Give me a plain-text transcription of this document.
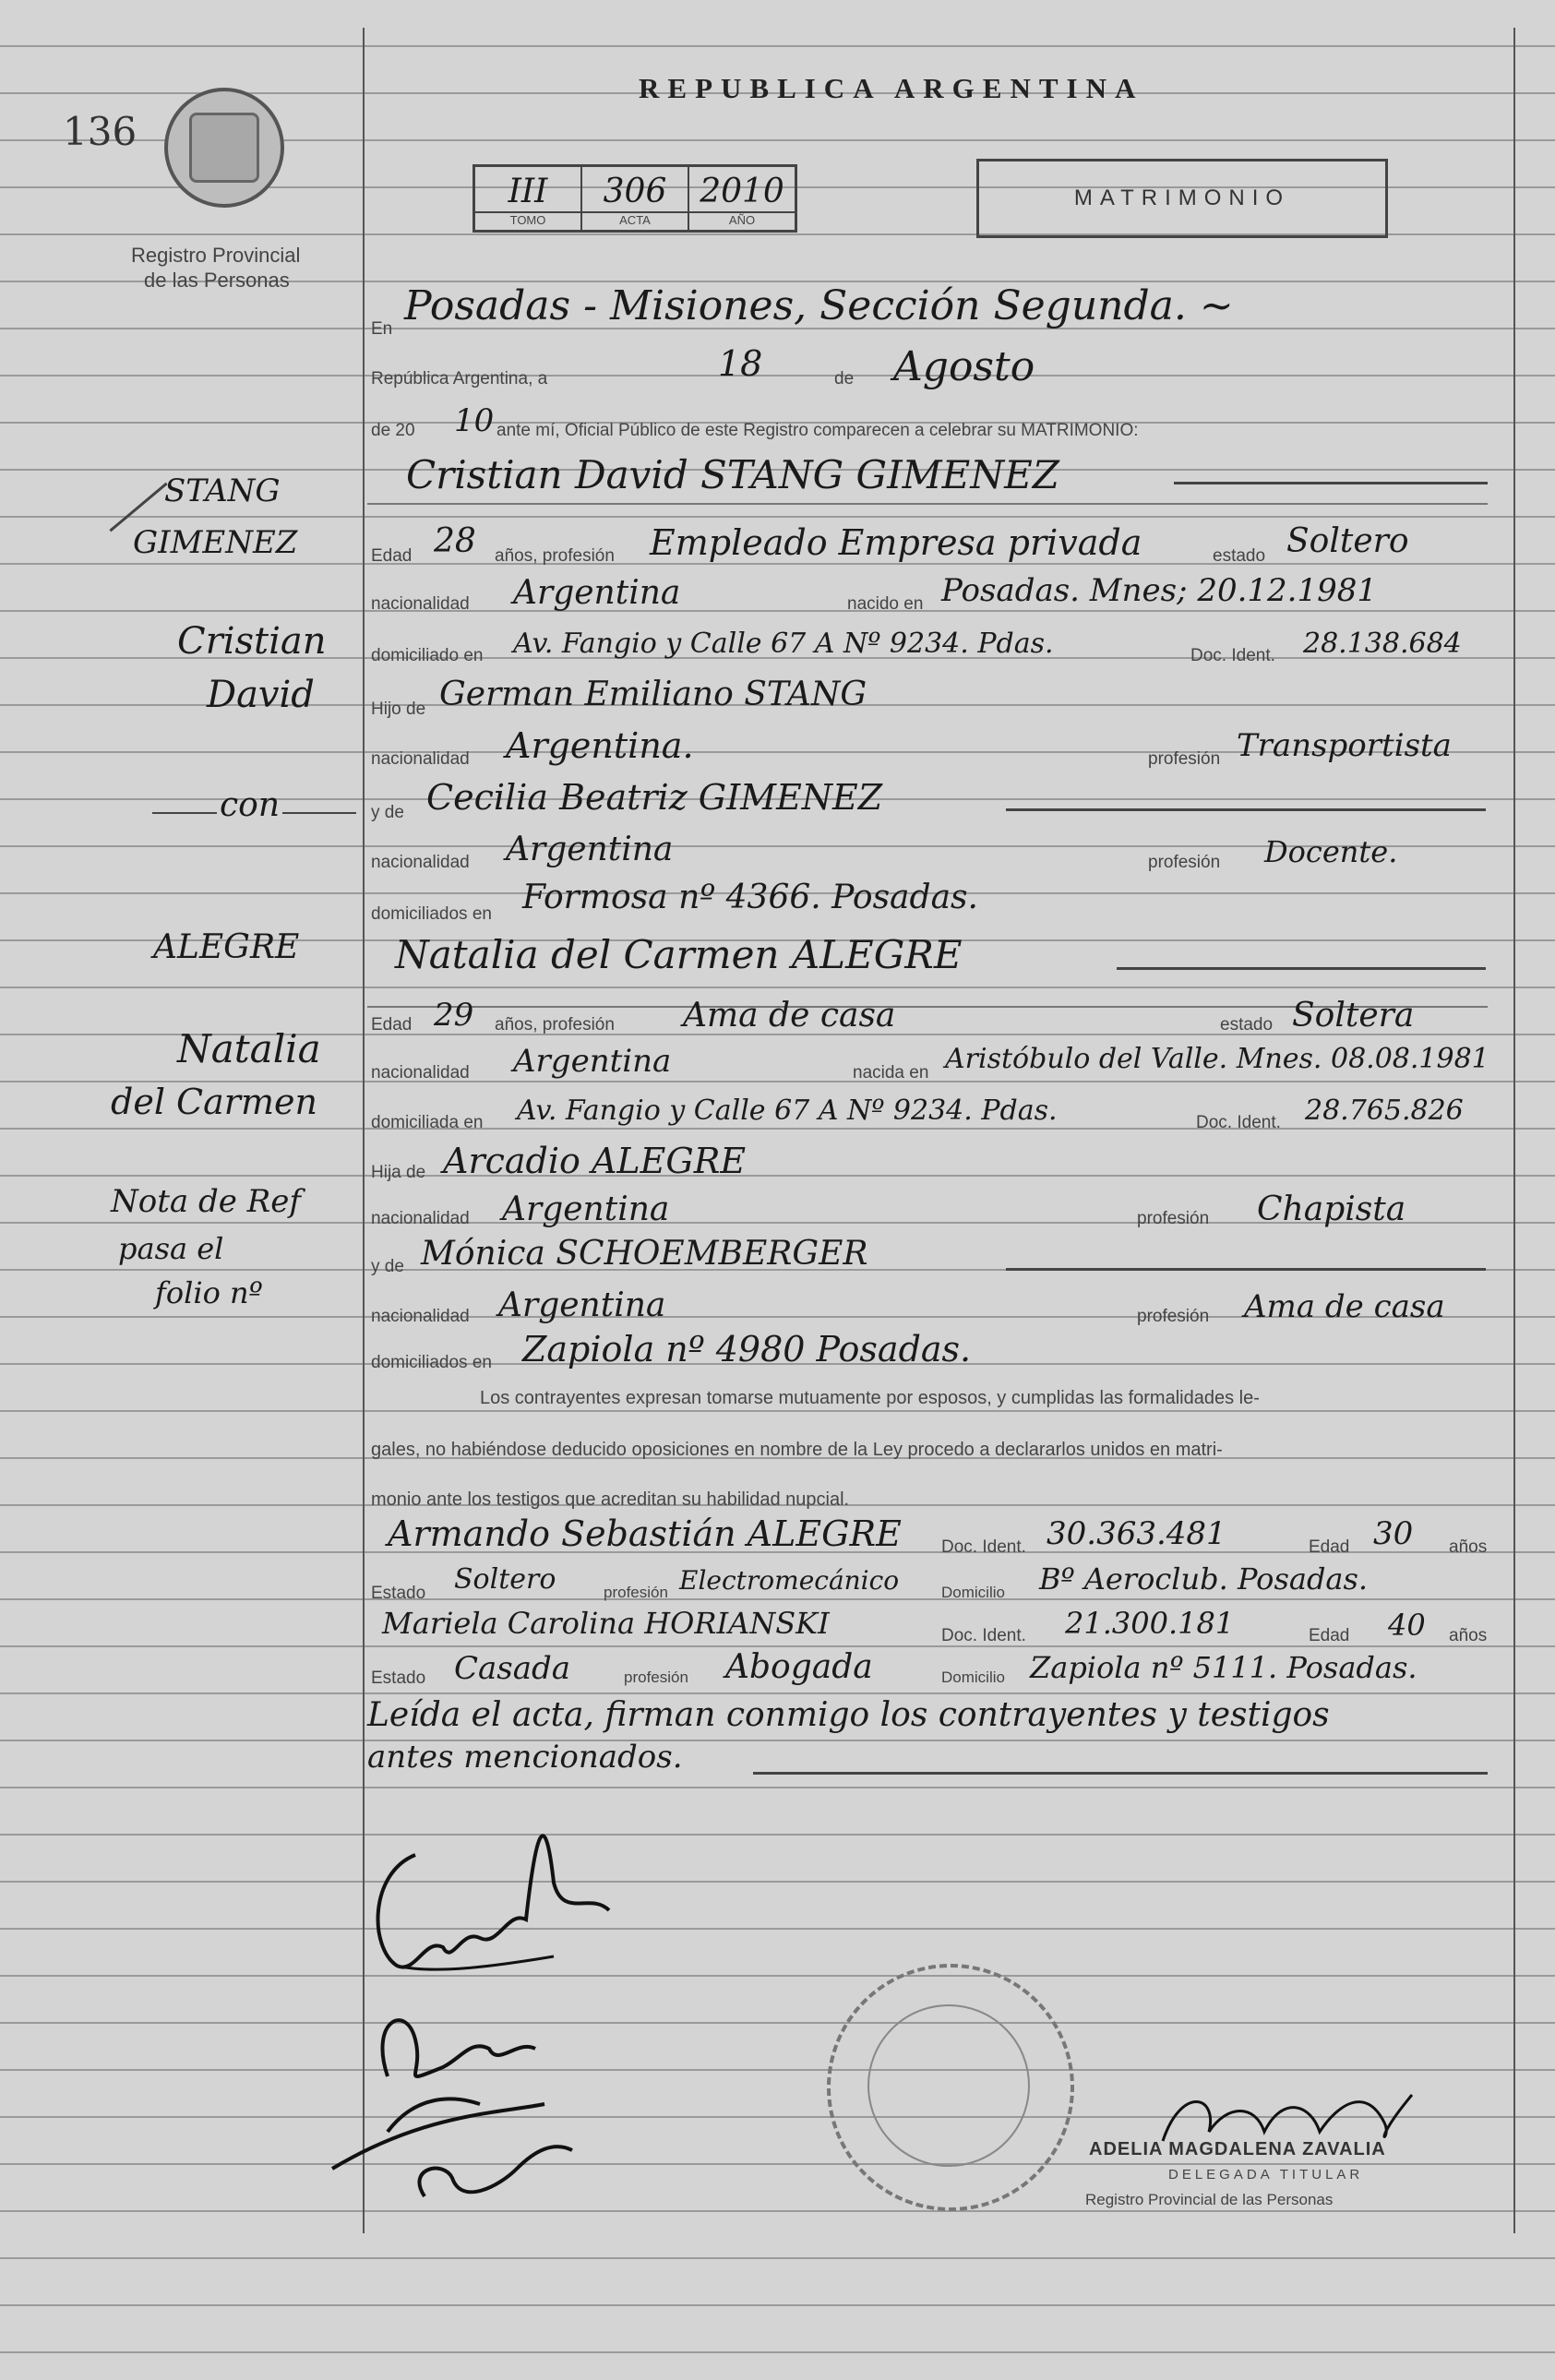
136
Registro Provincial
de las Personas
REPUBLICA ARGENTINA
III
TOMO
306
ACTA
2010
AÑO
MATRIMONIO
STANG
GIMENEZ
Cristian
David
con
ALEGRE
Natalia
del Carmen
Nota de Ref
pasa el
folio nº
En Posadas - Misiones, Sección Segunda. ~
República Argentina, a	18	de Agosto
de 20 10 ante mí, Oficial Público de este Registro comparecen a celebrar su MATRIMONIO:
Cristian David STANG GIMENEZ
Edad 28 años, profesión Empleado Empresa privada	estado Soltero
nacionalidad Argentina	nacido en Posadas. Mnes; 20.12.1981
domiciliado en Av. Fangio y Calle 67 A Nº 9234. Pdas.	Doc. Ident. 28.138.684
Hijo de German Emiliano STANG
nacionalidad Argentina.	profesión Transportista
y de Cecilia Beatriz GIMENEZ
nacionalidad Argentina	profesión Docente.
domiciliados en Formosa nº 4366. Posadas.
Natalia del Carmen ALEGRE
Edad 29 años, profesión Ama de casa	estado Soltera
nacionalidad Argentina	nacida en Aristóbulo del Valle. Mnes. 08.08.1981
domiciliada en Av. Fangio y Calle 67 A Nº 9234. Pdas.	Doc. Ident. 28.765.826
Hija de Arcadio ALEGRE
nacionalidad Argentina	profesión Chapista
y de Mónica SCHOEMBERGER
nacionalidad Argentina	profesión Ama de casa
domiciliados en Zapiola nº 4980 Posadas.
Los contrayentes expresan tomarse mutuamente por esposos, y cumplidas las formalidades le-
gales, no habiéndose deducido oposiciones en nombre de la Ley procedo a declararlos unidos en matri-
monio ante los testigos que acreditan su habilidad nupcial.
Armando Sebastián ALEGRE Doc. Ident. 30.363.481	Edad 30 años
Estado Soltero	profesión Electromecánico	Domicilio Bº Aeroclub. Posadas.
Mariela Carolina HORIANSKI	Doc. Ident. 21.300.181	Edad 40 años
Estado Casada	profesión Abogada	Domicilio Zapiola nº 5111. Posadas.
Leída el acta, firman conmigo los contrayentes y testigos
antes mencionados.
ADELIA MAGDALENA ZAVALIA
DELEGADA TITULAR
Registro Provincial de las Personas
